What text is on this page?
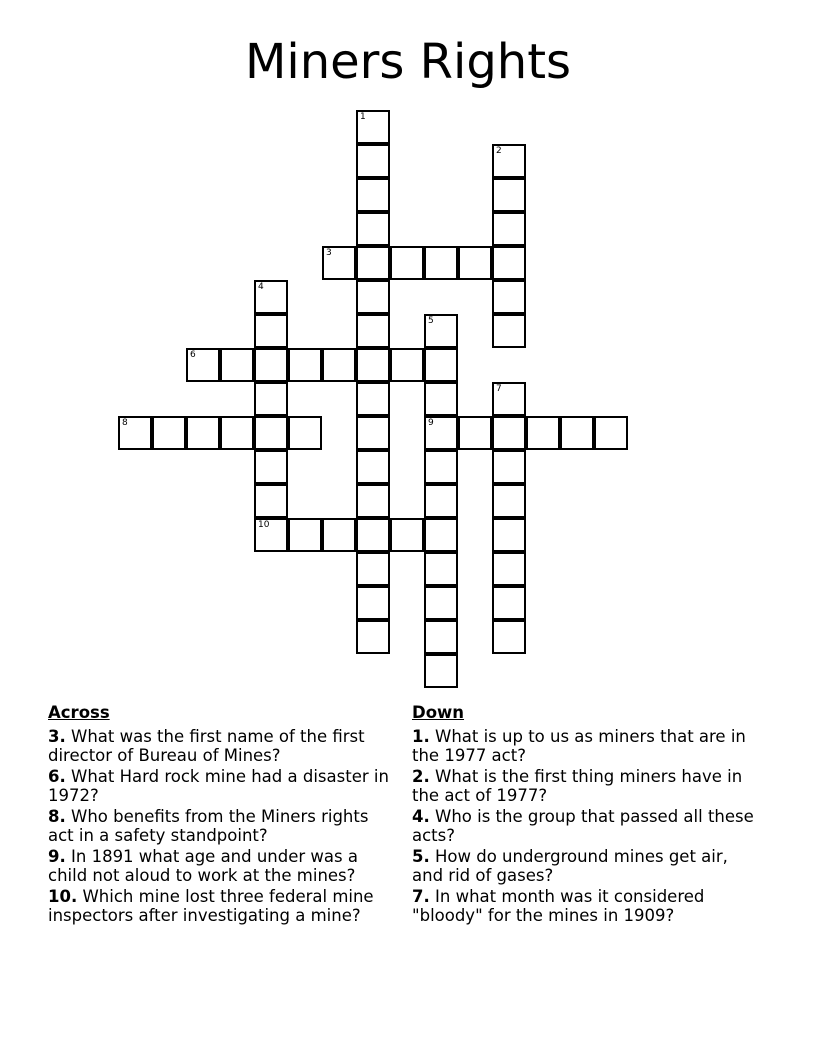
Miners Rights
1
2
3
4
10
5
9
6
7
8
Across
3. What was the first name of the first director of Bureau of Mines?
6. What Hard rock mine had a disaster in 1972?
8. Who benefits from the Miners rights act in a safety standpoint?
9. In 1891 what age and under was a child not aloud to work at the mines?
10. Which mine lost three federal mine inspectors after investigating a mine?
Down
1. What is up to us as miners that are in the 1977 act?
2. What is the first thing miners have in the act of 1977?
4. Who is the group that passed all these acts?
5. How do underground mines get air, and rid of gases?
7. In what month was it considered "bloody" for the mines in 1909?
